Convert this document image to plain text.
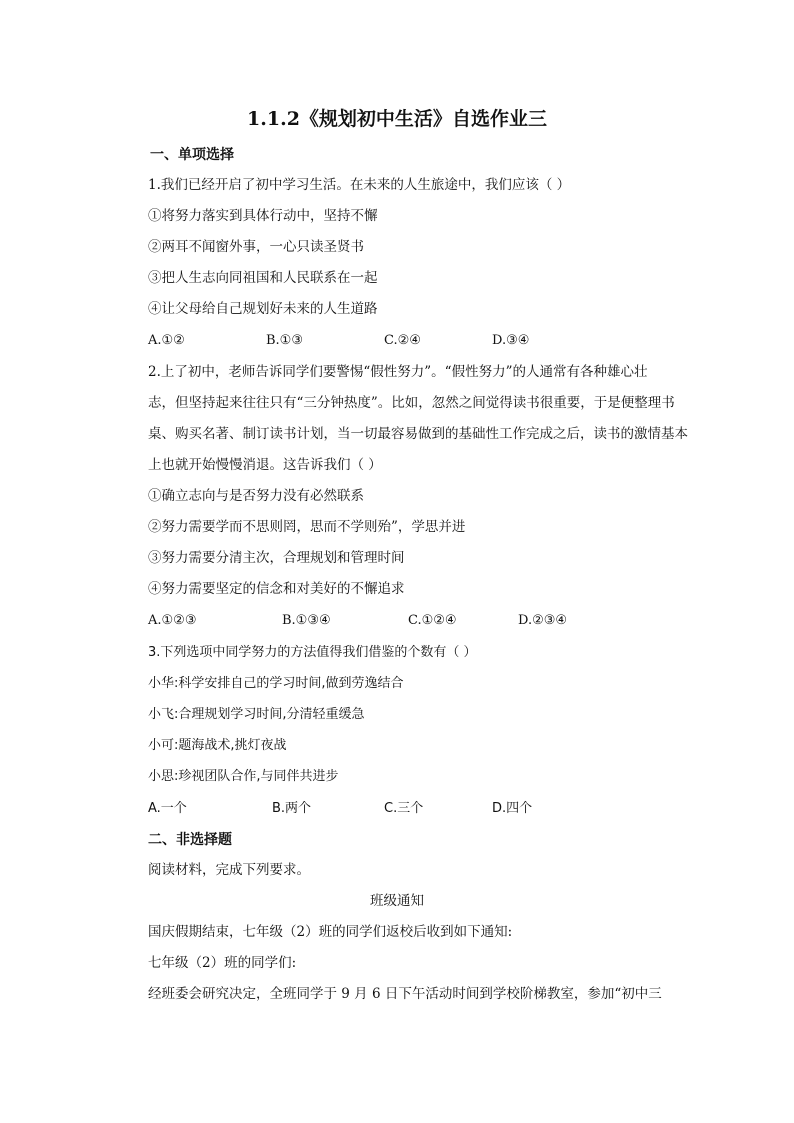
1.1.2《规划初中生活》自选作业三
一、单项选择
1.我们已经开启了初中学习生活。在未来的人生旅途中，我们应该（ ）
①将努力落实到具体行动中，坚持不懈
②两耳不闻窗外事，一心只读圣贤书
③把人生志向同祖国和人民联系在一起
④让父母给自己规划好未来的人生道路
A.①②	B.①③	C.②④	D.③④
2.上了初中，老师告诉同学们要警惕“假性努力”。“假性努力”的人通常有各种雄心壮
志，但坚持起来往往只有“三分钟热度”。比如，忽然之间觉得读书很重要，于是便整理书
桌、购买名著、制订读书计划，当一切最容易做到的基础性工作完成之后，读书的激情基本
上也就开始慢慢消退。这告诉我们（ ）
①确立志向与是否努力没有必然联系
②努力需要学而不思则罔，思而不学则殆”，学思并进
③努力需要分清主次，合理规划和管理时间
④努力需要坚定的信念和对美好的不懈追求
A.①②③	B.①③④	C.①②④	D.②③④
3.下列选项中同学努力的方法值得我们借鉴的个数有（ ）
小华:科学安排自己的学习时间,做到劳逸结合
小飞:合理规划学习时间,分清轻重缓急
小可:题海战术,挑灯夜战
小思:珍视团队合作,与同伴共进步
A.一个	B.两个	C.三个	D.四个
二、非选择题
阅读材料，完成下列要求。
班级通知
国庆假期结束，七年级（2）班的同学们返校后收到如下通知:
七年级（2）班的同学们:
经班委会研究决定，全班同学于 9 月 6 日下午活动时间到学校阶梯教室，参加“初中三
